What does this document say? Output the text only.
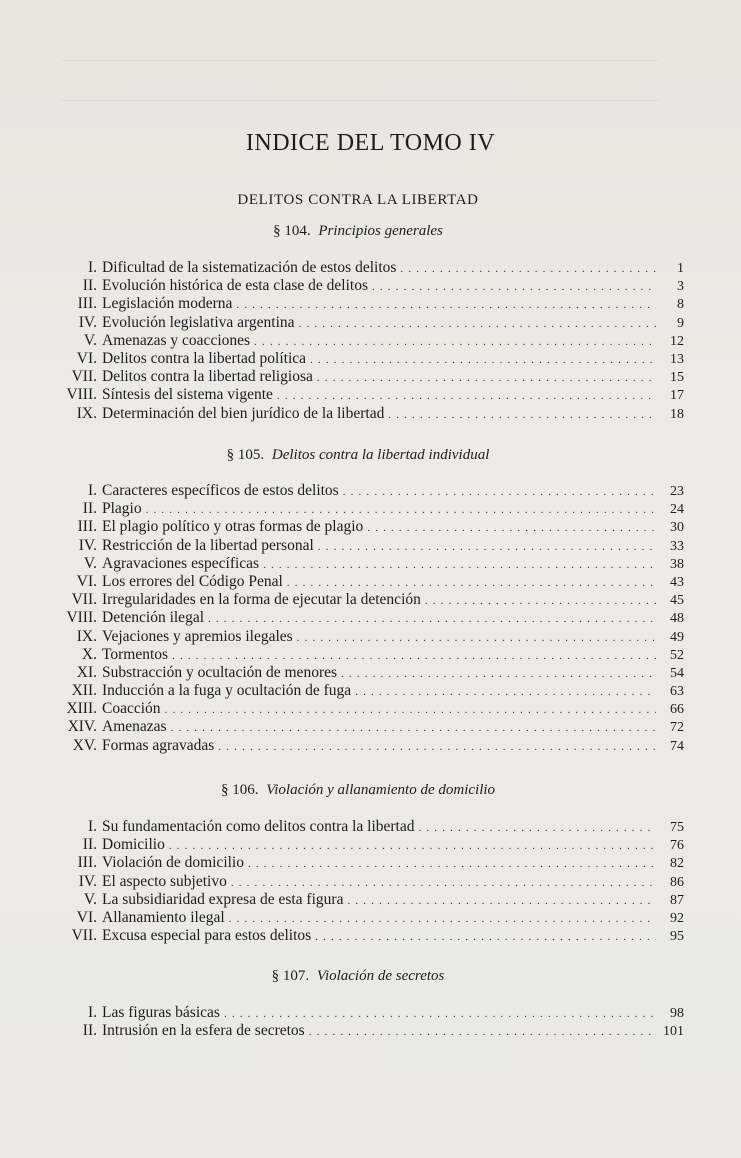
INDICE DEL TOMO IV
DELITOS CONTRA LA LIBERTAD
§ 104. Principios generales
I. Dificultad de la sistematización de estos delitos . . .	1
II. Evolución histórica de esta clase de delitos . . .	3
III. Legislación moderna . . .	8
IV. Evolución legislativa argentina . . .	9
V. Amenazas y coacciones . . .	12
VI. Delitos contra la libertad política . . .	13
VII. Delitos contra la libertad religiosa . . .	15
VIII. Síntesis del sistema vigente . . .	17
IX. Determinación del bien jurídico de la libertad . . .	18
§ 105. Delitos contra la libertad individual
I. Caracteres específicos de estos delitos . . .	23
II. Plagio . . .	24
III. El plagio político y otras formas de plagio . . .	30
IV. Restricción de la libertad personal . . .	33
V. Agravaciones específicas . . .	38
VI. Los errores del Código Penal . . .	43
VII. Irregularidades en la forma de ejecutar la detención . . .	45
VIII. Detención ilegal . . .	48
IX. Vejaciones y apremios ilegales . . .	49
X. Tormentos . . .	52
XI. Substracción y ocultación de menores . . .	54
XII. Inducción a la fuga y ocultación de fuga . . .	63
XIII. Coacción . . .	66
XIV. Amenazas . . .	72
XV. Formas agravadas . . .	74
§ 106. Violación y allanamiento de domicilio
I. Su fundamentación como delitos contra la libertad . . .	75
II. Domicilio . . .	76
III. Violación de domicilio . . .	82
IV. El aspecto subjetivo . . .	86
V. La subsidiaridad expresa de esta figura . . .	87
VI. Allanamiento ilegal . . .	92
VII. Excusa especial para estos delitos . . .	95
§ 107. Violación de secretos
I. Las figuras básicas . . .	98
II. Intrusión en la esfera de secretos . . .	101
